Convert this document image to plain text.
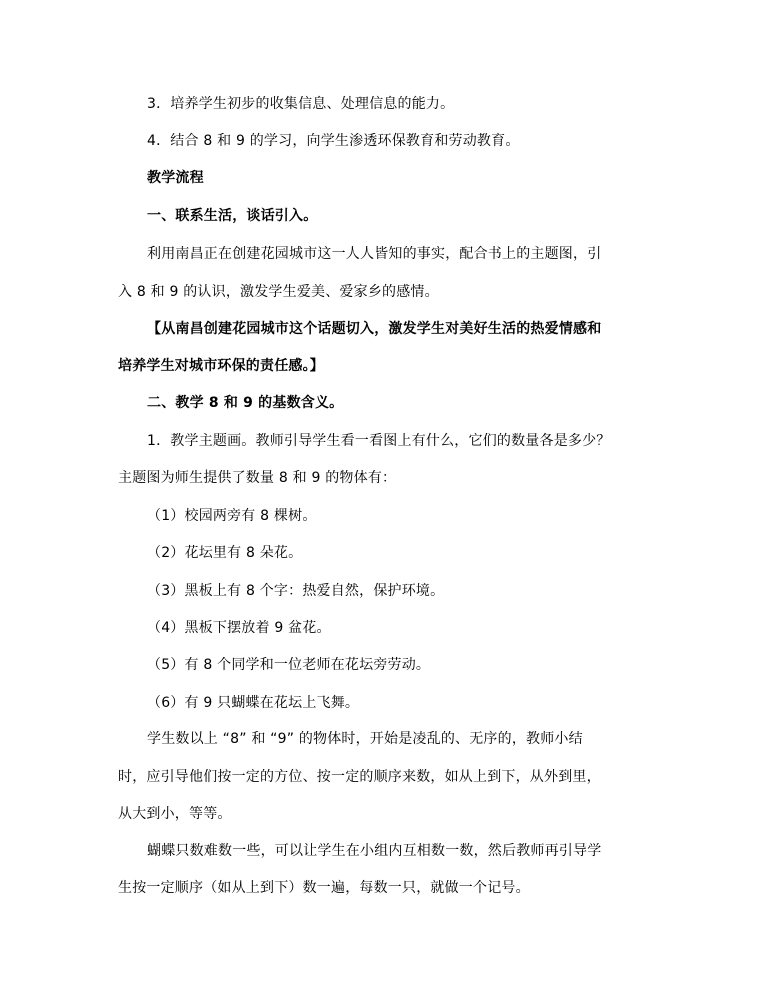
3．培养学生初步的收集信息、处理信息的能力。
4．结合 8 和 9 的学习，向学生渗透环保教育和劳动教育。
教学流程
一、联系生活，谈话引入。
利用南昌正在创建花园城市这一人人皆知的事实，配合书上的主题图，引
入 8 和 9 的认识，激发学生爱美、爱家乡的感情。
【从南昌创建花园城市这个话题切入，激发学生对美好生活的热爱情感和
培养学生对城市环保的责任感。】
二、教学 8 和 9 的基数含义。
1．教学主题画。教师引导学生看一看图上有什么，它们的数量各是多少？
主题图为师生提供了数量 8 和 9 的物体有：
（1）校园两旁有 8 棵树。
（2）花坛里有 8 朵花。
（3）黑板上有 8 个字：热爱自然，保护环境。
（4）黑板下摆放着 9 盆花。
（5）有 8 个同学和一位老师在花坛旁劳动。
（6）有 9 只蝴蝶在花坛上飞舞。
学生数以上 “8” 和 “9” 的物体时，开始是凌乱的、无序的，教师小结
时，应引导他们按一定的方位、按一定的顺序来数，如从上到下，从外到里，
从大到小，等等。
蝴蝶只数难数一些，可以让学生在小组内互相数一数，然后教师再引导学
生按一定顺序（如从上到下）数一遍，每数一只，就做一个记号。
